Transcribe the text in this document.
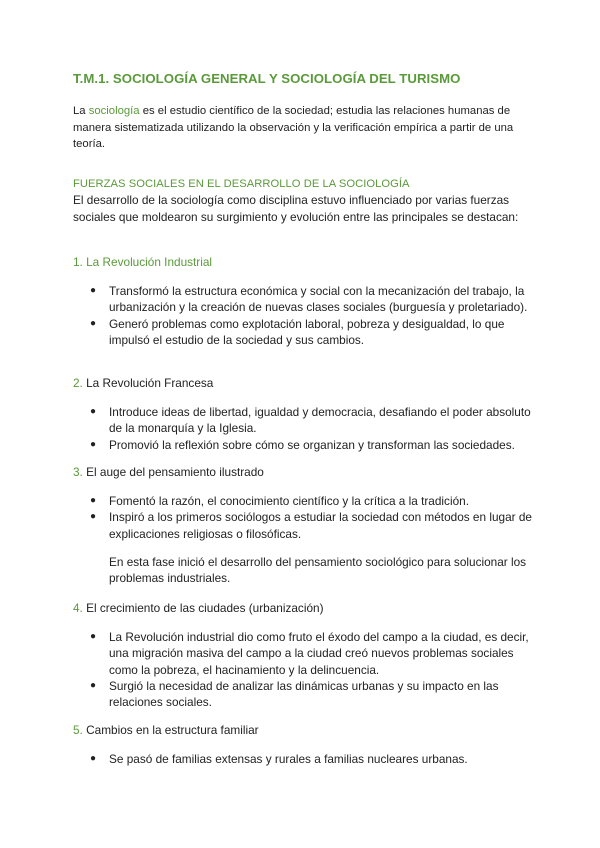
T.M.1. SOCIOLOGÍA GENERAL Y SOCIOLOGÍA DEL TURISMO
La sociología es el estudio científico de la sociedad; estudia las relaciones humanas de manera sistematizada utilizando la observación y la verificación empírica a partir de una teoría.
FUERZAS SOCIALES EN EL DESARROLLO DE LA SOCIOLOGÍA
El desarrollo de la sociología como disciplina estuvo influenciado por varias fuerzas sociales que moldearon su surgimiento y evolución entre las principales se destacan:
1. La Revolución Industrial
● Transformó la estructura económica y social con la mecanización del trabajo, la urbanización y la creación de nuevas clases sociales (burguesía y proletariado).
● Generó problemas como explotación laboral, pobreza y desigualdad, lo que impulsó el estudio de la sociedad y sus cambios.
2. La Revolución Francesa
● Introduce ideas de libertad, igualdad y democracia, desafiando el poder absoluto de la monarquía y la Iglesia.
● Promovió la reflexión sobre cómo se organizan y transforman las sociedades.
3. El auge del pensamiento ilustrado
● Fomentó la razón, el conocimiento científico y la crítica a la tradición.
● Inspiró a los primeros sociólogos a estudiar la sociedad con métodos en lugar de explicaciones religiosas o filosóficas.
En esta fase inició el desarrollo del pensamiento sociológico para solucionar los problemas industriales.
4. El crecimiento de las ciudades (urbanización)
● La Revolución industrial dio como fruto el éxodo del campo a la ciudad, es decir, una migración masiva del campo a la ciudad creó nuevos problemas sociales como la pobreza, el hacinamiento y la delincuencia.
● Surgió la necesidad de analizar las dinámicas urbanas y su impacto en las relaciones sociales.
5. Cambios en la estructura familiar
● Se pasó de familias extensas y rurales a familias nucleares urbanas.
